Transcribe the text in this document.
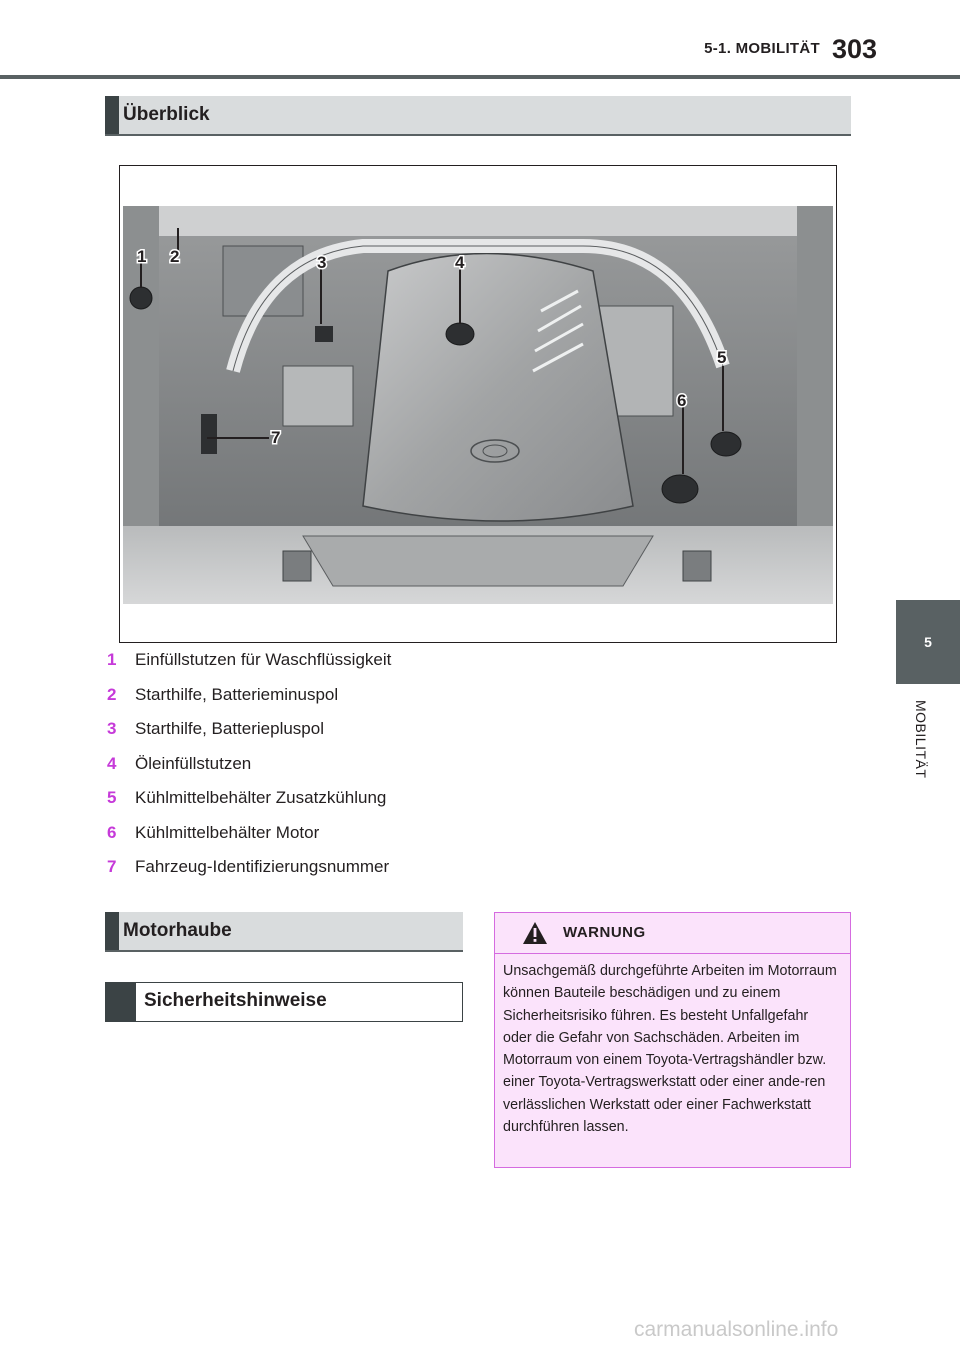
5-1. MOBILITÄT 303
5
MOBILITÄT
Überblick
1 2	3	4
5
6
7
1	Einfüllstutzen für Waschflüssigkeit
2	Starthilfe, Batterieminuspol
3	Starthilfe, Batteriepluspol
4	Öleinfüllstutzen
5	Kühlmittelbehälter Zusatzkühlung
6	Kühlmittelbehälter Motor
7	Fahrzeug-Identifizierungsnummer
Motorhaube
Sicherheitshinweise
WARNUNG
Unsachgemäß durchgeführte Arbeiten im Motorraum können Bauteile beschädigen und zu einem Sicherheitsrisiko führen. Es besteht Unfallgefahr oder die Gefahr von Sachschäden. Arbeiten im Motorraum von einem Toyota-Vertragshändler bzw. einer Toyota-Vertragswerkstatt oder einer ande-ren verlässlichen Werkstatt oder einer Fachwerkstatt durchführen lassen.
carmanualsonline.info
